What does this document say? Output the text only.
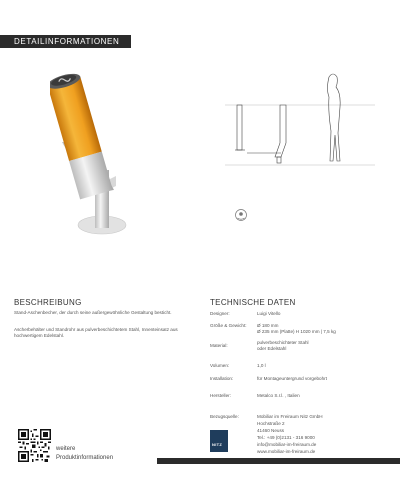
DETAILINFORMATIONEN
BESCHREIBUNG
Stand-Aschenbecher, der durch seine außergewöhnliche Gestaltung besticht.
Ascherbehälter und Standrohr aus pulverbeschichtetem Stahl, Innenteinsatz aus hochwertigem Edelstahl.
TECHNISCHE DATEN
Designer:	Luigi Vitello
Größe & Gewicht: Ø 180 mm
Ø 235 mm (Platte) H 1020 mm | 7,5 kg
Material:
pulverbeschichteter Stahl
oder Edelstahl
Volumen:	1,0 l
Installation:	für Montageuntergrund vorgebohrt
Hersteller:	Metalco S.r.l. , Italien
Bezugsquelle:
NITZ
Mobiliar im Freiraum Nitz GmbH
Hochstraße 2
41460 Neuss
Tel.: +49 (0)2131 - 316 9000
info@mobiliar-im-freiraum.de
www.mobiliar-im-freiraum.de
weitere
Produktinformationen
